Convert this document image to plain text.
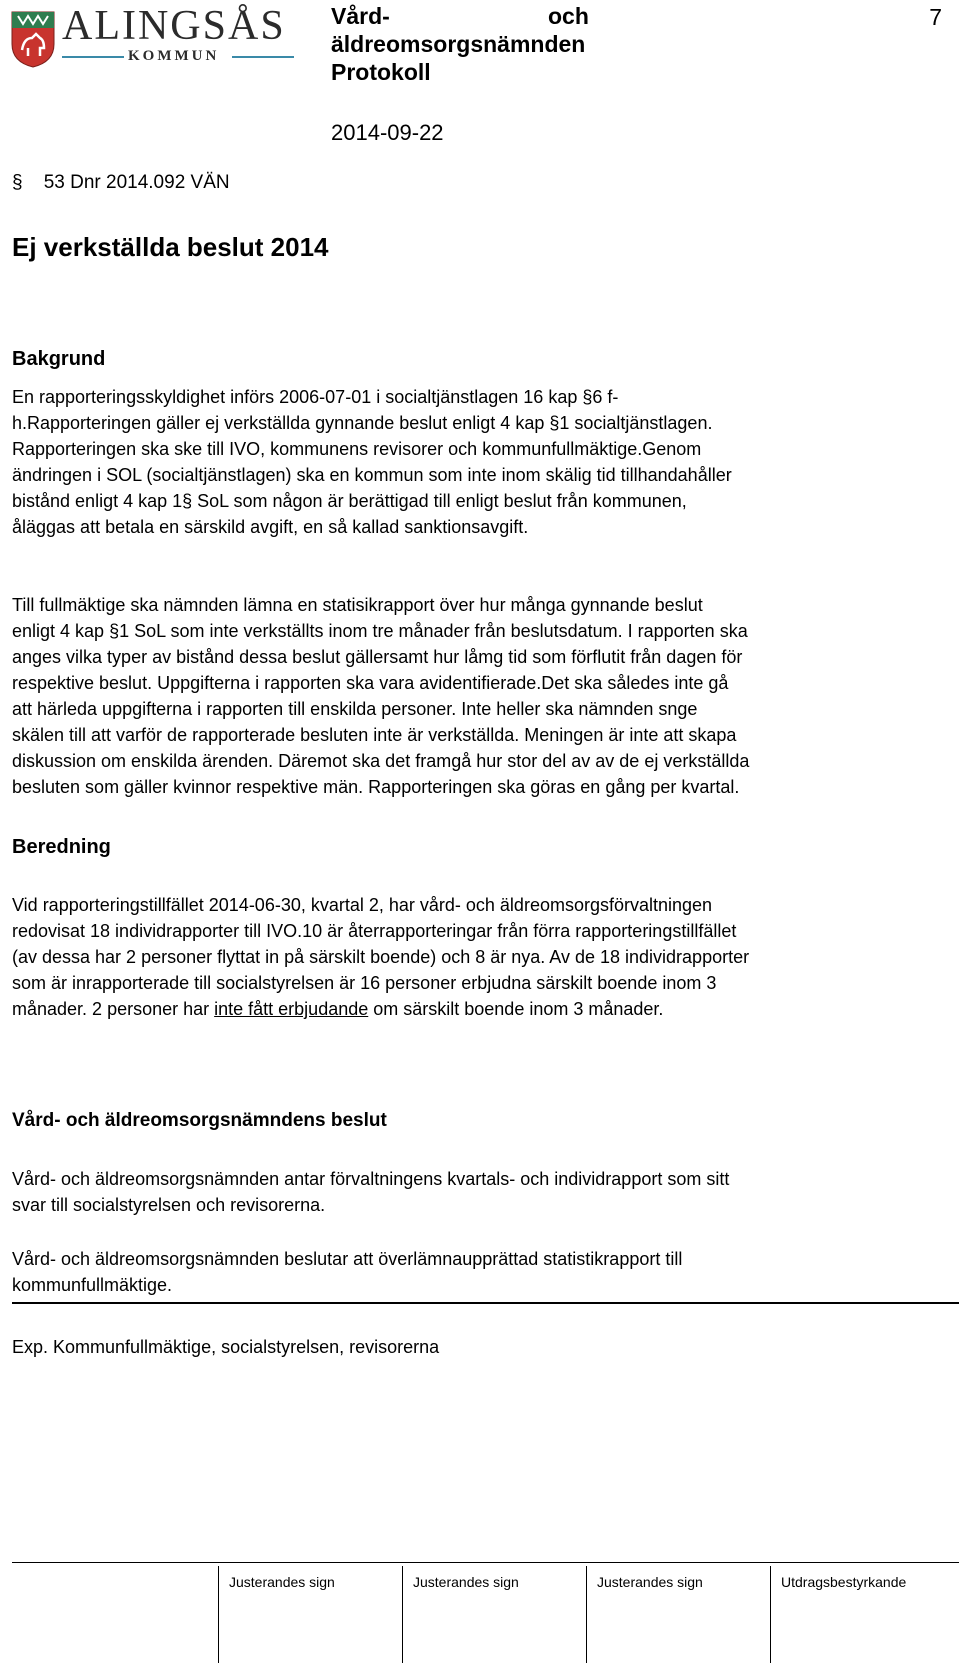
ALINGSÅS
KOMMUN
Vård-	och
äldreomsorgsnämnden
Protokoll
7
2014-09-22
§ 53 Dnr 2014.092 VÄN
Ej verkställda beslut 2014
Bakgrund
En rapporteringsskyldighet införs 2006-07-01 i socialtjänstlagen 16 kap §6 f-
h.Rapporteringen gäller ej verkställda gynnande beslut enligt 4 kap §1 socialtjänstlagen.
Rapporteringen ska ske till IVO, kommunens revisorer och kommunfullmäktige.Genom
ändringen i SOL (socialtjänstlagen) ska en kommun som inte inom skälig tid tillhandahåller
bistånd enligt 4 kap 1§ SoL som någon är berättigad till enligt beslut från kommunen,
åläggas att betala en särskild avgift, en så kallad sanktionsavgift.
Till fullmäktige ska nämnden lämna en statisikrapport över hur många gynnande beslut
enligt 4 kap §1 SoL som inte verkställts inom tre månader från beslutsdatum. I rapporten ska
anges vilka typer av bistånd dessa beslut gällersamt hur låmg tid som förflutit från dagen för
respektive beslut. Uppgifterna i rapporten ska vara avidentifierade.Det ska således inte gå
att härleda uppgifterna i rapporten till enskilda personer. Inte heller ska nämnden snge
skälen till att varför de rapporterade besluten inte är verkställda. Meningen är inte att skapa
diskussion om enskilda ärenden. Däremot ska det framgå hur stor del av av de ej verkställda
besluten som gäller kvinnor respektive män. Rapporteringen ska göras en gång per kvartal.
Beredning
Vid rapporteringstillfället 2014-06-30, kvartal 2, har vård- och äldreomsorgsförvaltningen
redovisat 18 individrapporter till IVO.10 är återrapporteringar från förra rapporteringstillfället
(av dessa har 2 personer flyttat in på särskilt boende) och 8 är nya. Av de 18 individrapporter
som är inrapporterade till socialstyrelsen är 16 personer erbjudna särskilt boende inom 3
månader. 2 personer har inte fått erbjudande om särskilt boende inom 3 månader.
Vård- och äldreomsorgsnämndens beslut
Vård- och äldreomsorgsnämnden antar förvaltningens kvartals- och individrapport som sitt
svar till socialstyrelsen och revisorerna.
Vård- och äldreomsorgsnämnden beslutar att överlämnaupprättad statistikrapport till
kommunfullmäktige.
Exp. Kommunfullmäktige, socialstyrelsen, revisorerna
Justerandes sign	Justerandes sign	Justerandes sign	Utdragsbestyrkande
